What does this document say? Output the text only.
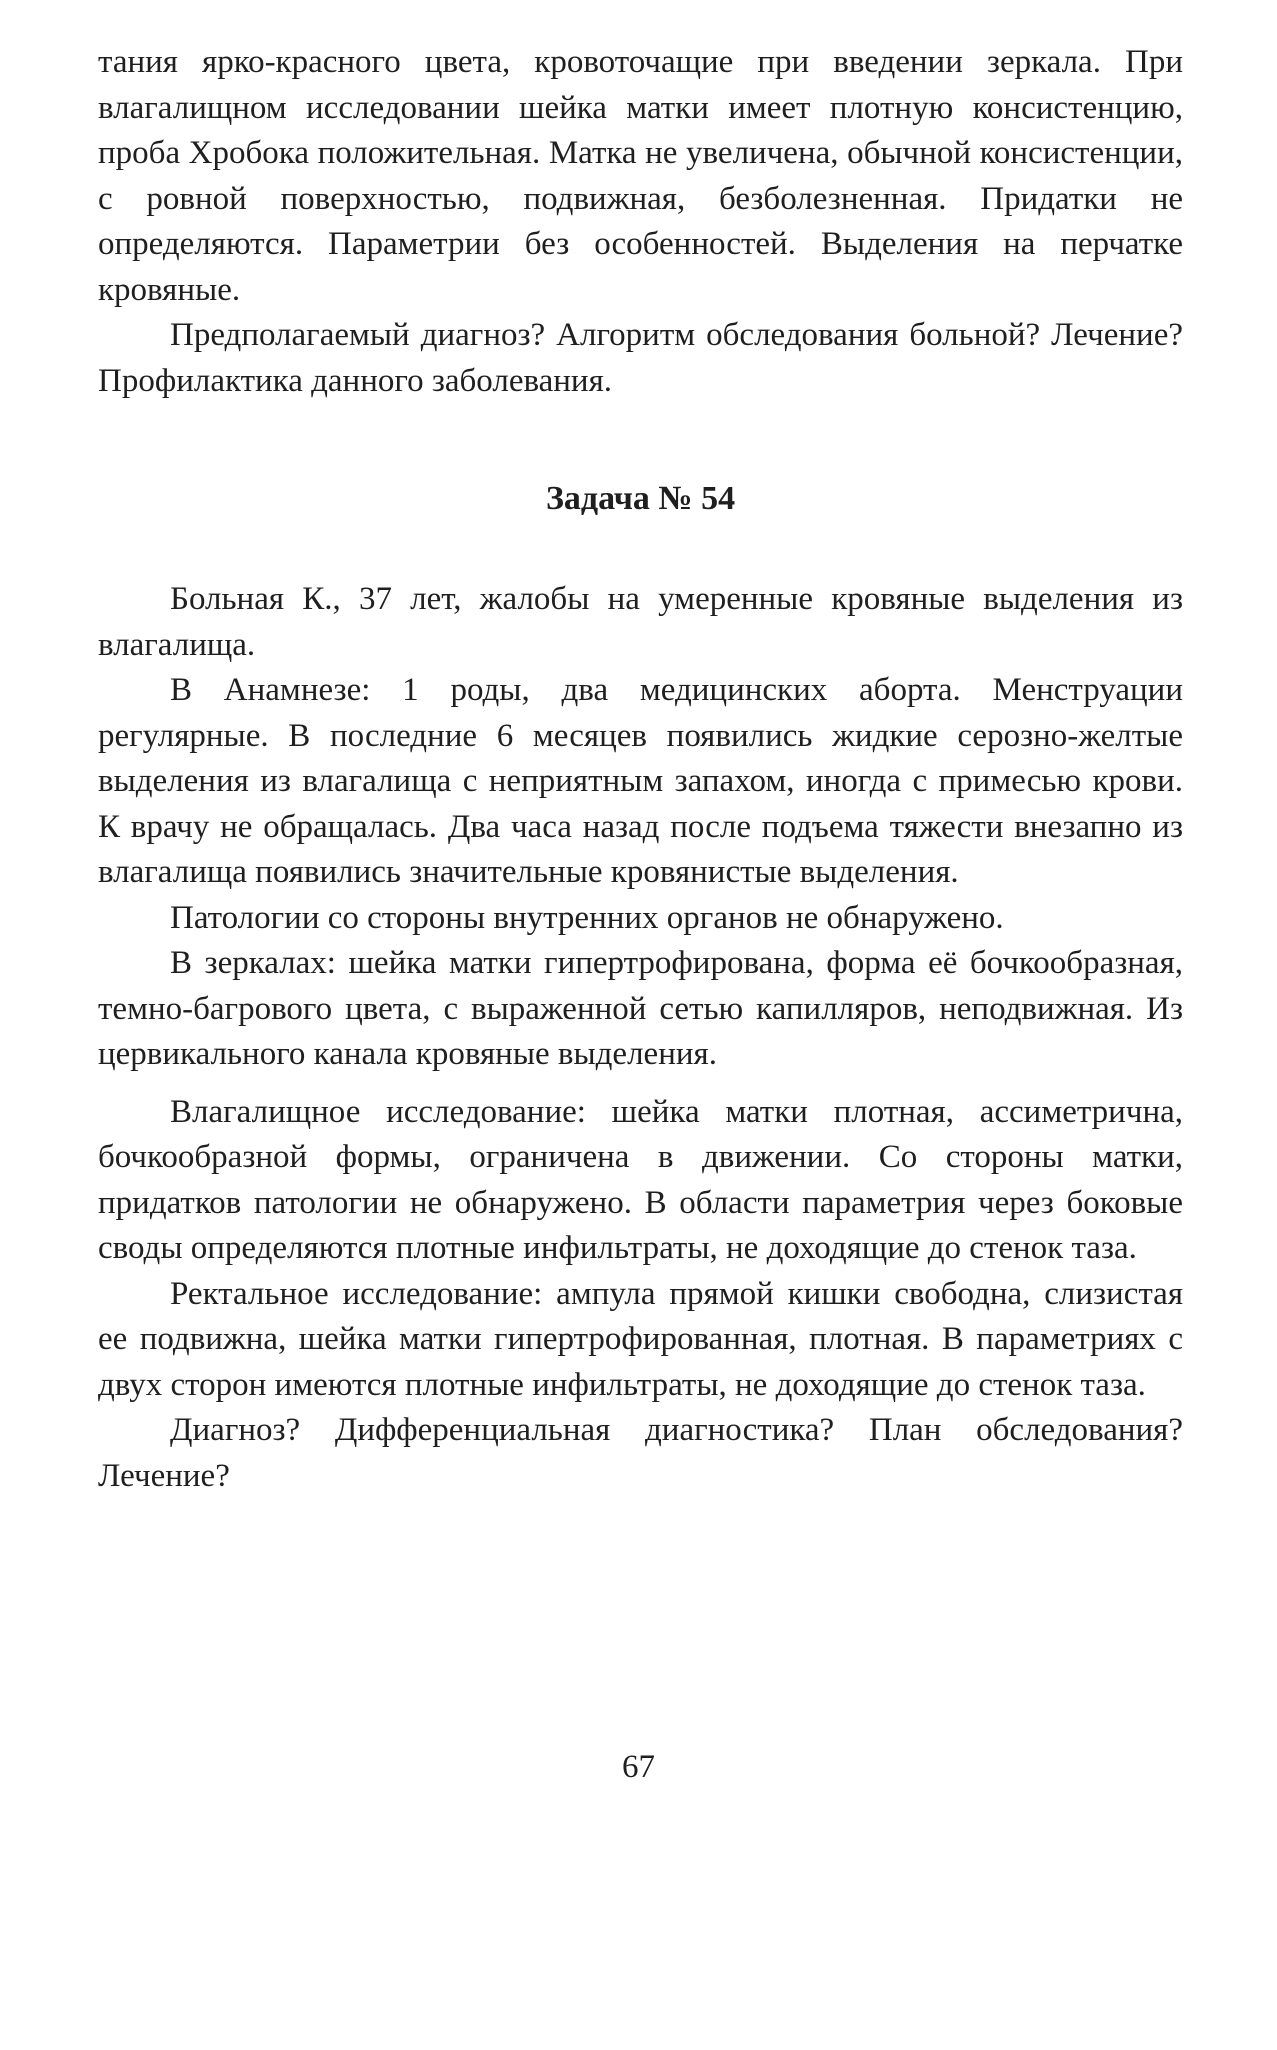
тания ярко-красного цвета, кровоточащие при введении зеркала. При влагалищном исследовании шейка матки имеет плотную консистенцию, проба Хробока положительная. Матка не увеличена, обычной консистенции, с ровной поверхностью, подвижная, безболезненная. Придатки не определяются. Параметрии без особенностей. Выделения на перчатке кровяные.

Предполагаемый диагноз? Алгоритм обследования больной? Лечение? Профилактика данного заболевания.

Задача № 54

Больная К., 37 лет, жалобы на умеренные кровяные выделения из влагалища.

В Анамнезе: 1 роды, два медицинских аборта. Менструации регулярные. В последние 6 месяцев появились жидкие серозно-желтые выделения из влагалища с неприятным запахом, иногда с примесью крови. К врачу не обращалась. Два часа назад после подъема тяжести внезапно из влагалища появились значительные кровянистые выделения.

Патологии со стороны внутренних органов не обнаружено.

В зеркалах: шейка матки гипертрофирована, форма её бочкообразная, темно-багрового цвета, с выраженной сетью капилляров, неподвижная. Из цервикального канала кровяные выделения.

Влагалищное исследование: шейка матки плотная, ассиметрична, бочкообразной формы, ограничена в движении. Со стороны матки, придатков патологии не обнаружено. В области параметрия через боковые своды определяются плотные инфильтраты, не доходящие до стенок таза.

Ректальное исследование: ампула прямой кишки свободна, слизистая ее подвижна, шейка матки гипертрофированная, плотная. В параметриях с двух сторон имеются плотные инфильтраты, не доходящие до стенок таза.

Диагноз? Дифференциальная диагностика? План обследования? Лечение?

67
